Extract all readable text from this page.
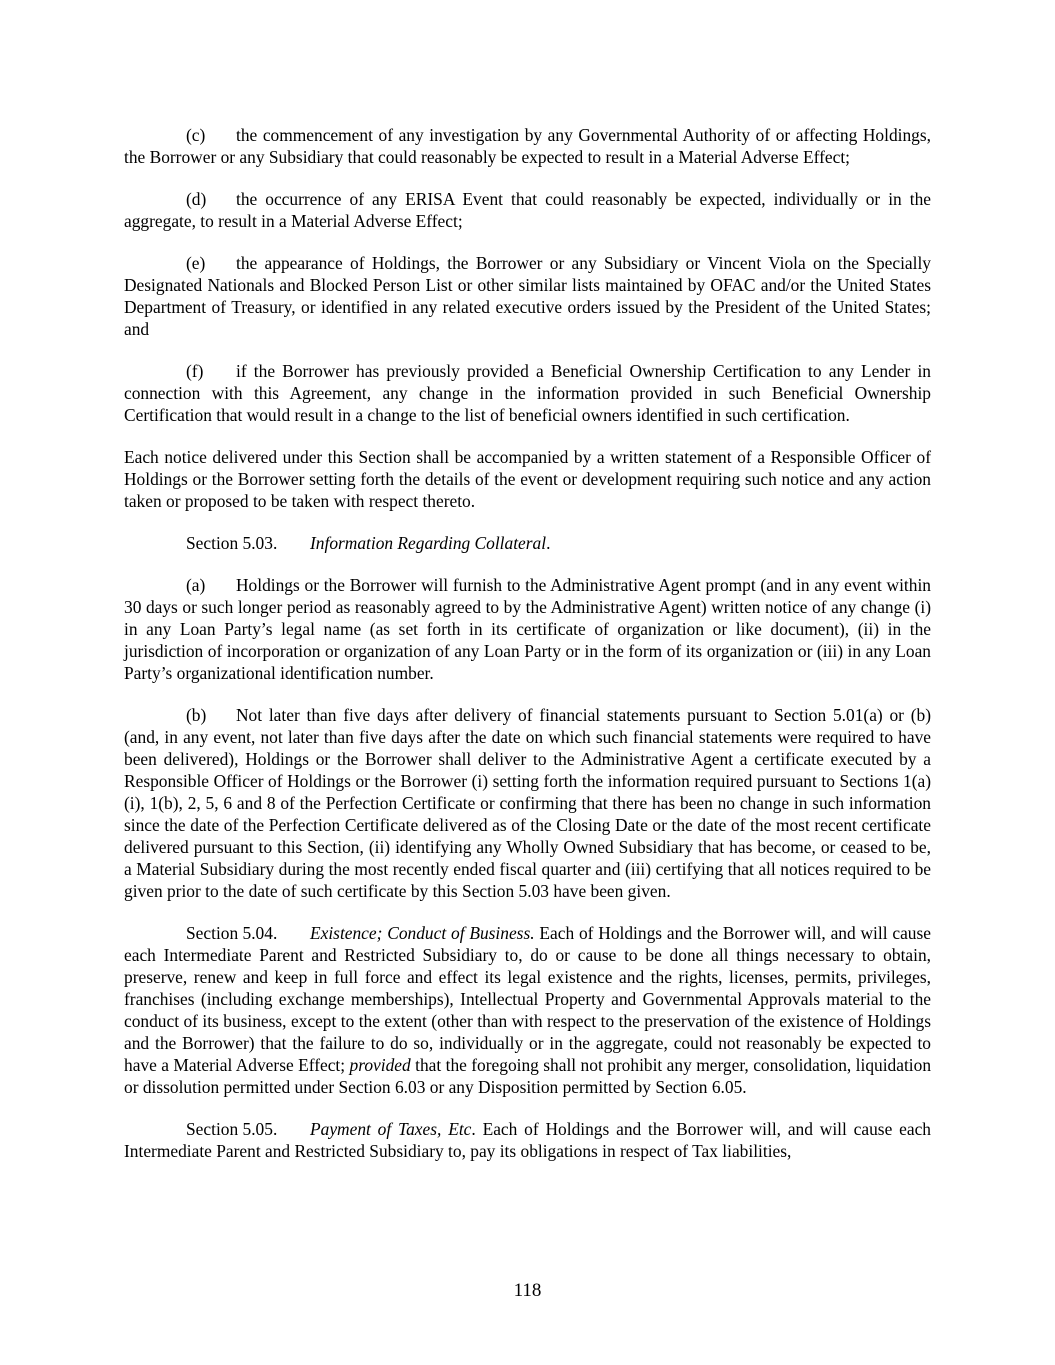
(c) the commencement of any investigation by any Governmental Authority of or affecting Holdings, the Borrower or any Subsidiary that could reasonably be expected to result in a Material Adverse Effect;

(d) the occurrence of any ERISA Event that could reasonably be expected, individually or in the aggregate, to result in a Material Adverse Effect;

(e) the appearance of Holdings, the Borrower or any Subsidiary or Vincent Viola on the Specially Designated Nationals and Blocked Person List or other similar lists maintained by OFAC and/or the United States Department of Treasury, or identified in any related executive orders issued by the President of the United States; and

(f) if the Borrower has previously provided a Beneficial Ownership Certification to any Lender in connection with this Agreement, any change in the information provided in such Beneficial Ownership Certification that would result in a change to the list of beneficial owners identified in such certification.

Each notice delivered under this Section shall be accompanied by a written statement of a Responsible Officer of Holdings or the Borrower setting forth the details of the event or development requiring such notice and any action taken or proposed to be taken with respect thereto.

Section 5.03. Information Regarding Collateral.

(a) Holdings or the Borrower will furnish to the Administrative Agent prompt (and in any event within 30 days or such longer period as reasonably agreed to by the Administrative Agent) written notice of any change (i) in any Loan Party’s legal name (as set forth in its certificate of organization or like document), (ii) in the jurisdiction of incorporation or organization of any Loan Party or in the form of its organization or (iii) in any Loan Party’s organizational identification number.

(b) Not later than five days after delivery of financial statements pursuant to Section 5.01(a) or (b) (and, in any event, not later than five days after the date on which such financial statements were required to have been delivered), Holdings or the Borrower shall deliver to the Administrative Agent a certificate executed by a Responsible Officer of Holdings or the Borrower (i) setting forth the information required pursuant to Sections 1(a)(i), 1(b), 2, 5, 6 and 8 of the Perfection Certificate or confirming that there has been no change in such information since the date of the Perfection Certificate delivered as of the Closing Date or the date of the most recent certificate delivered pursuant to this Section, (ii) identifying any Wholly Owned Subsidiary that has become, or ceased to be, a Material Subsidiary during the most recently ended fiscal quarter and (iii) certifying that all notices required to be given prior to the date of such certificate by this Section 5.03 have been given.

Section 5.04. Existence; Conduct of Business. Each of Holdings and the Borrower will, and will cause each Intermediate Parent and Restricted Subsidiary to, do or cause to be done all things necessary to obtain, preserve, renew and keep in full force and effect its legal existence and the rights, licenses, permits, privileges, franchises (including exchange memberships), Intellectual Property and Governmental Approvals material to the conduct of its business, except to the extent (other than with respect to the preservation of the existence of Holdings and the Borrower) that the failure to do so, individually or in the aggregate, could not reasonably be expected to have a Material Adverse Effect; provided that the foregoing shall not prohibit any merger, consolidation, liquidation or dissolution permitted under Section 6.03 or any Disposition permitted by Section 6.05.

Section 5.05. Payment of Taxes, Etc. Each of Holdings and the Borrower will, and will cause each Intermediate Parent and Restricted Subsidiary to, pay its obligations in respect of Tax liabilities,

118
